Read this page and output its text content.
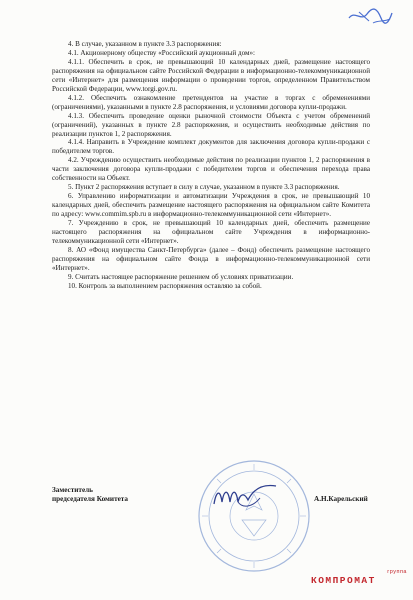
4. В случае, указанном в пункте 3.3 распоряжения:

4.1. Акционерному обществу «Российский аукционный дом»:

4.1.1. Обеспечить в срок, не превышающий 10 календарных дней, размещение настоящего распоряжения на официальном сайте Российской Федерации в информационно-телекоммуникационной сети «Интернет» для размещения информации о проведении торгов, определенном Правительством Российской Федерации, www.torgi.gov.ru.

4.1.2. Обеспечить ознакомление претендентов на участие в торгах с обременениями (ограничениями), указанными в пункте 2.8 распоряжения, и условиями договора купли-продажи.

4.1.3. Обеспечить проведение оценки рыночной стоимости Объекта с учетом обременений (ограничений), указанных в пункте 2.8 распоряжения, и осуществить необходимые действия по реализации пунктов 1, 2 распоряжения.

4.1.4. Направить в Учреждение комплект документов для заключения договора купли-продажи с победителем торгов.

4.2. Учреждению осуществить необходимые действия по реализации пунктов 1, 2 распоряжения в части заключения договора купли-продажи с победителем торгов и обеспечения перехода права собственности на Объект.

5. Пункт 2 распоряжения вступает в силу в случае, указанном в пункте 3.3 распоряжения.

6. Управлению информатизации и автоматизации Учреждения в срок, не превышающий 10 календарных дней, обеспечить размещение настоящего распоряжения на официальном сайте Комитета по адресу: www.commim.spb.ru в информационно-телекоммуникационной сети «Интернет».

7. Учреждению в срок, не превышающий 10 календарных дней, обеспечить размещение настоящего распоряжения на официальном сайте Учреждения в информационно-телекоммуникационной сети «Интернет».

8. АО «Фонд имущества Санкт-Петербурга» (далее – Фонд) обеспечить размещение настоящего распоряжения на официальном сайте Фонда в информационно-телекоммуникационной сети «Интернет».

9. Считать настоящее распоряжение решением об условиях приватизации.

10. Контроль за выполнением распоряжения оставляю за собой.

Заместитель
председателя Комитета	А.Н.Карельский
группа
КОМПРОМАТ
